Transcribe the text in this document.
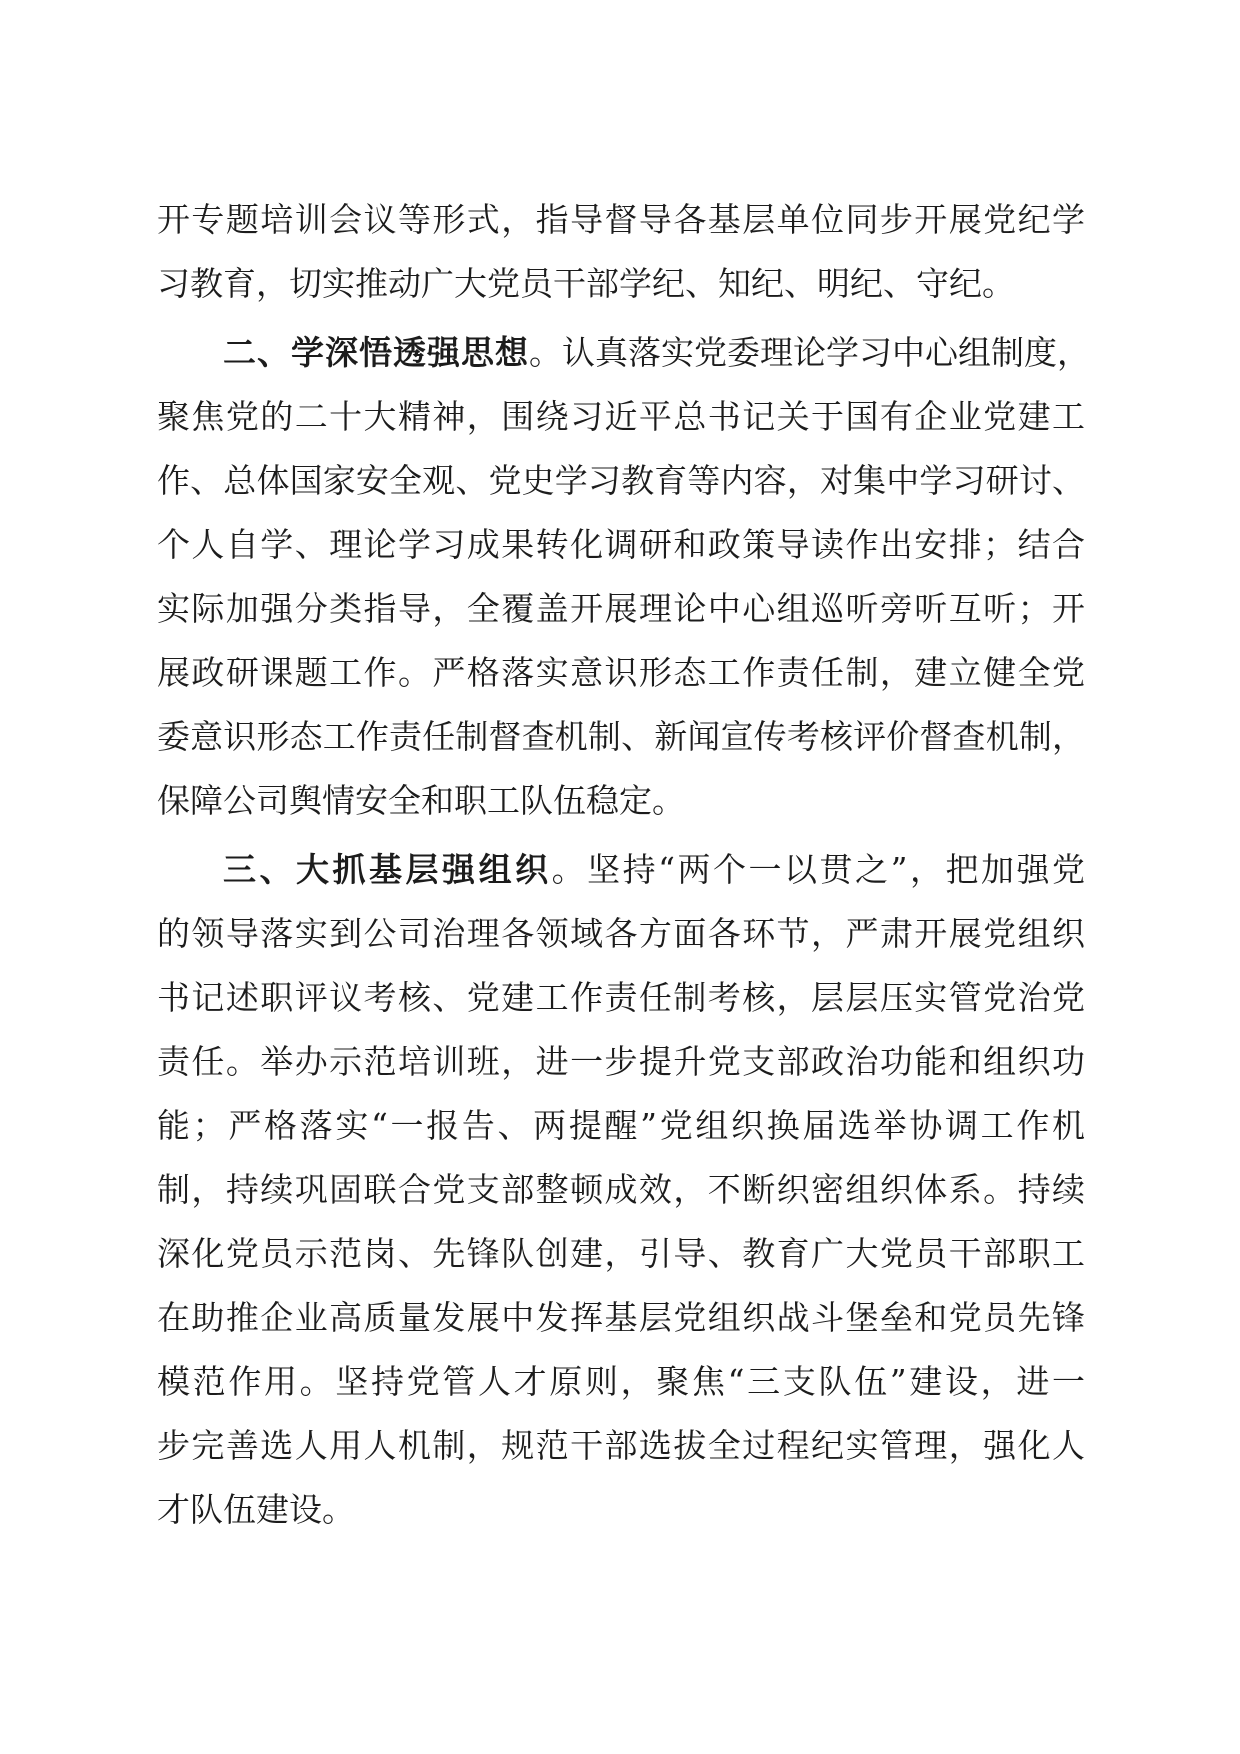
开专题培训会议等形式，指导督导各基层单位同步开展党纪学
习教育，切实推动广大党员干部学纪、知纪、明纪、守纪。
二、学深悟透强思想。认真落实党委理论学习中心组制度，
聚焦党的二十大精神，围绕习近平总书记关于国有企业党建工
作、总体国家安全观、党史学习教育等内容，对集中学习研讨、
个人自学、理论学习成果转化调研和政策导读作出安排；结合
实际加强分类指导，全覆盖开展理论中心组巡听旁听互听；开
展政研课题工作。严格落实意识形态工作责任制，建立健全党
委意识形态工作责任制督查机制、新闻宣传考核评价督查机制，
保障公司舆情安全和职工队伍稳定。
三、大抓基层强组织。坚持“两个一以贯之”，把加强党
的领导落实到公司治理各领域各方面各环节，严肃开展党组织
书记述职评议考核、党建工作责任制考核，层层压实管党治党
责任。举办示范培训班，进一步提升党支部政治功能和组织功
能；严格落实“一报告、两提醒”党组织换届选举协调工作机
制，持续巩固联合党支部整顿成效，不断织密组织体系。持续
深化党员示范岗、先锋队创建，引导、教育广大党员干部职工
在助推企业高质量发展中发挥基层党组织战斗堡垒和党员先锋
模范作用。坚持党管人才原则，聚焦“三支队伍”建设，进一
步完善选人用人机制，规范干部选拔全过程纪实管理，强化人
才队伍建设。
